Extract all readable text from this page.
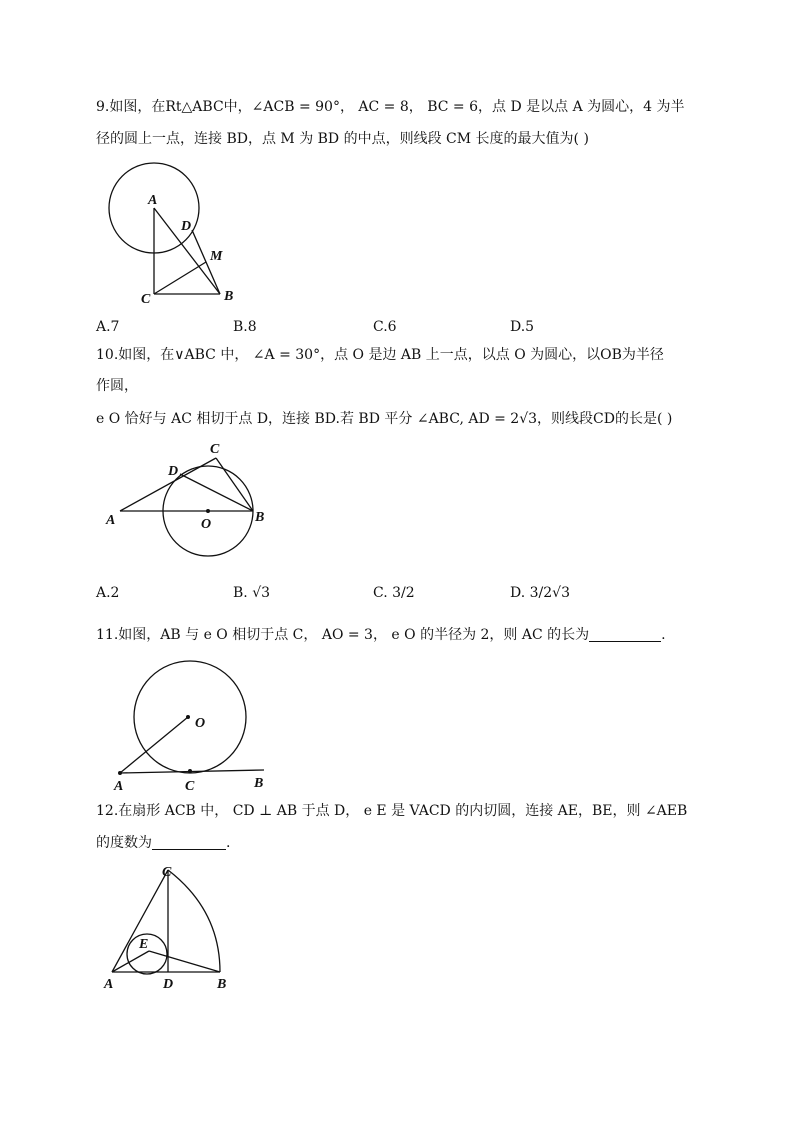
9.如图，在Rt△ABC中，∠ACB = 90°， AC = 8， BC = 6，点 D 是以点 A 为圆心，4 为半
径的圆上一点，连接 BD，点 M 为 BD 的中点，则线段 CM 长度的最大值为( )
A
D
M
C	B
A.7	B.8	C.6	D.5
10.如图，在∨ABC 中， ∠A = 30°，点 O 是边 AB 上一点，以点 O 为圆心，以OB为半径
作圆，
e O 恰好与 AC 相切于点 D，连接 BD.若 BD 平分 ∠ABC, AD = 2√3，则线段CD的长是( )
C
D
A	O	B
A.2	B. √3	C. 3/2	D. 3/2√3
11.如图，AB 与 e O 相切于点 C， AO = 3， e O 的半径为 2，则 AC 的长为	.
O
A	C	B
12.在扇形 ACB 中， CD ⊥ AB 于点 D， e E 是 VACD 的内切圆，连接 AE，BE，则 ∠AEB
的度数为	.
E
C
A	D	B
